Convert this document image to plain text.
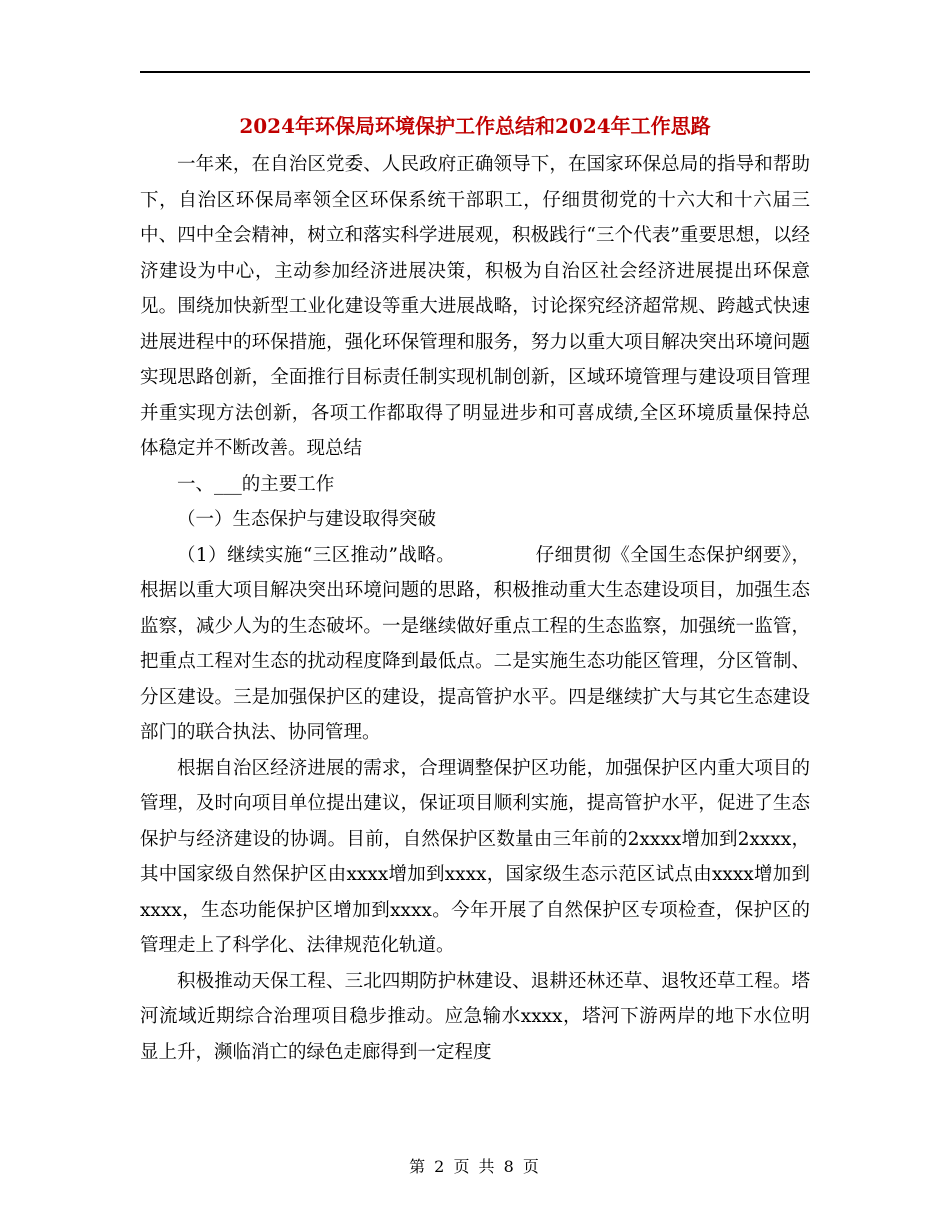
2024年环保局环境保护工作总结和2024年工作思路

一年来，在自治区党委、人民政府正确领导下，在国家环保总局的指导和帮助下，自治区环保局率领全区环保系统干部职工，仔细贯彻党的十六大和十六届三中、四中全会精神，树立和落实科学进展观，积极践行“三个代表”重要思想，以经济建设为中心，主动参加经济进展决策，积极为自治区社会经济进展提出环保意见。围绕加快新型工业化建设等重大进展战略，讨论探究经济超常规、跨越式快速进展进程中的环保措施，强化环保管理和服务，努力以重大项目解决突出环境问题实现思路创新，全面推行目标责任制实现机制创新，区域环境管理与建设项目管理并重实现方法创新，各项工作都取得了明显进步和可喜成绩,全区环境质量保持总体稳定并不断改善。现总结

一、___的主要工作

（一）生态保护与建设取得突破

（1）继续实施“三区推动”战略。	仔细贯彻《全国生态保护纲要》，根据以重大项目解决突出环境问题的思路，积极推动重大生态建设项目，加强生态监察，减少人为的生态破坏。一是继续做好重点工程的生态监察，加强统一监管，把重点工程对生态的扰动程度降到最低点。二是实施生态功能区管理，分区管制、分区建设。三是加强保护区的建设，提高管护水平。四是继续扩大与其它生态建设部门的联合执法、协同管理。

根据自治区经济进展的需求，合理调整保护区功能，加强保护区内重大项目的管理，及时向项目单位提出建议，保证项目顺利实施，提高管护水平，促进了生态保护与经济建设的协调。目前，自然保护区数量由三年前的2xxxx增加到2xxxx，其中国家级自然保护区由xxxx增加到xxxx，国家级生态示范区试点由xxxx增加到xxxx，生态功能保护区增加到xxxx。今年开展了自然保护区专项检查，保护区的管理走上了科学化、法律规范化轨道。

积极推动天保工程、三北四期防护林建设、退耕还林还草、退牧还草工程。塔河流域近期综合治理项目稳步推动。应急输水xxxx，塔河下游两岸的地下水位明显上升，濒临消亡的绿色走廊得到一定程度

第 2 页 共 8 页
